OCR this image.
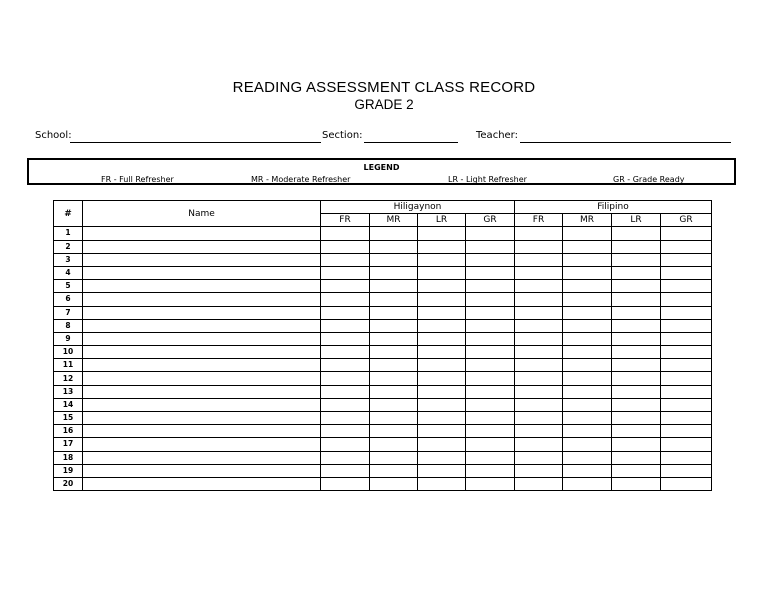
READING ASSESSMENT CLASS RECORD
GRADE 2
School:	Section:	Teacher:
LEGEND
FR - Full Refresher	MR - Moderate Refresher	LR - Light Refresher	GR - Grade Ready
#	Name	Hiligaynon				Filipino			
		FR	MR	LR	GR	FR	MR	LR	GR
1									
2									
3									
4									
5									
6									
7									
8									
9									
10									
11									
12									
13									
14									
15									
16									
17									
18									
19									
20									
